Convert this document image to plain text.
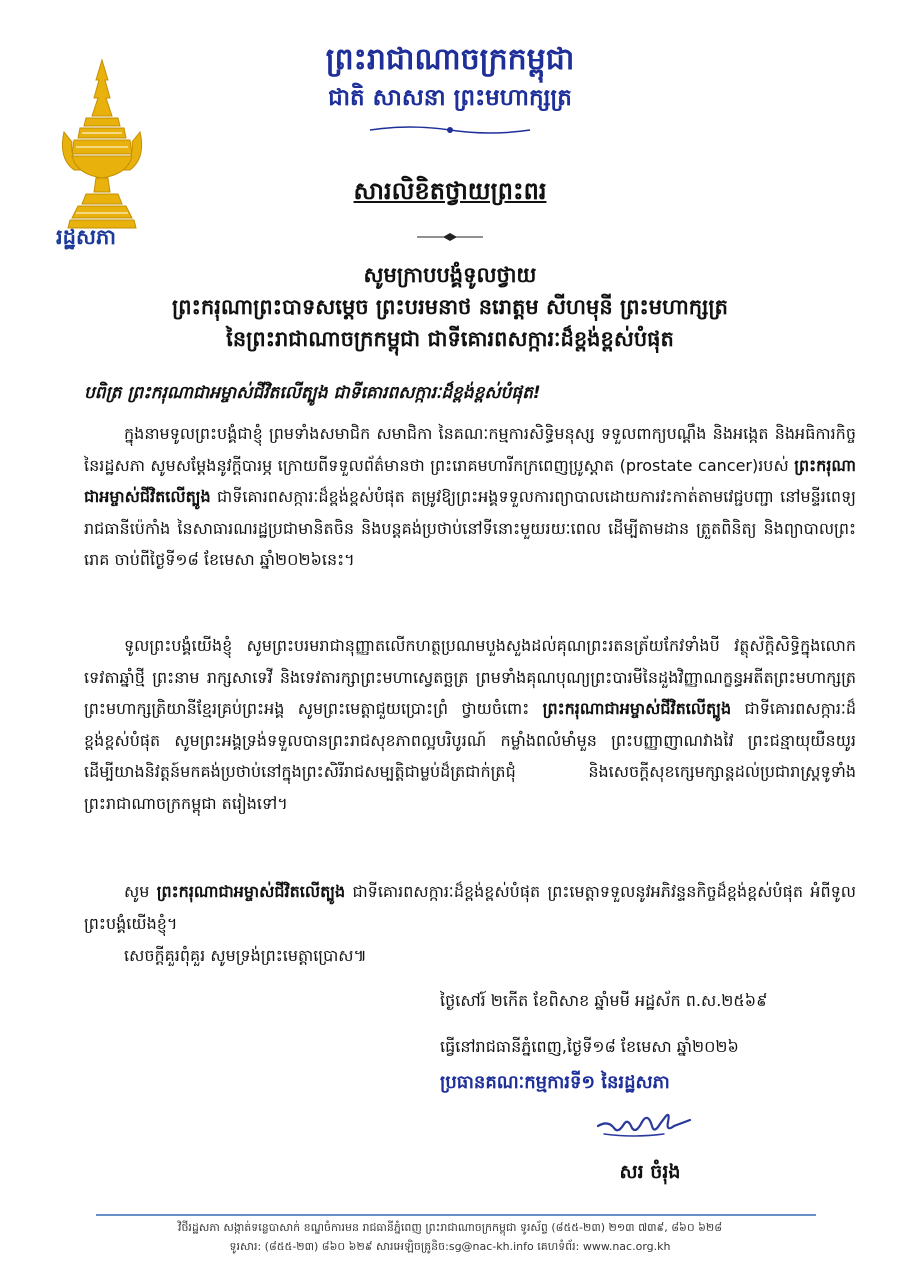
រដ្ឋសភា
ព្រះរាជាណាចក្រកម្ពុជា
ជាតិ សាសនា ព្រះមហាក្សត្រ
សារលិខិតថ្វាយព្រះពរ
សូមក្រាបបង្គំទូលថ្វាយ
ព្រះករុណាព្រះបាទសម្តេច ព្រះបរមនាថ នរោត្តម សីហមុនី ព្រះមហាក្សត្រ
នៃព្រះរាជាណាចក្រកម្ពុជា ជាទីគោរពសក្ការៈដ៏ខ្ពង់ខ្ពស់បំផុត
បពិត្រ ព្រះករុណាជាអម្ចាស់ជីវិតលើត្បូង ជាទីគោរពសក្ការៈដ៏ខ្ពង់ខ្ពស់បំផុត!
ក្នុងនាមទូលព្រះបង្គំជាខ្ញុំ ព្រមទាំងសមាជិក សមាជិកា នៃគណៈកម្មការសិទ្ធិមនុស្ស ទទួលពាក្យបណ្តឹង និងអង្កេត និងអធិការកិច្ច នៃរដ្ឋសភា សូមសម្តែងនូវក្តីបារម្ភ ក្រោយពីទទួលព័ត៌មានថា ព្រះរោគមហារីកក្រពេញប្រូស្តាត (prostate cancer)របស់ ព្រះករុណាជាអម្ចាស់ជីវិតលើត្បូង ជាទីគោរពសក្ការៈដ៏ខ្ពង់ខ្ពស់បំផុត តម្រូវឱ្យព្រះអង្គទទួលការព្យាបាលដោយការវះកាត់តាមវេជ្ជបញ្ជា នៅមន្ទីរពេទ្យរាជធានីប៉េកាំង នៃសាធារណរដ្ឋប្រជាមានិតចិន និងបន្តគង់ប្រថាប់នៅទីនោះមួយរយៈពេល ដើម្បីតាមដាន ត្រួតពិនិត្យ និងព្យាបាលព្រះរោគ ចាប់ពីថ្ងៃទី១៨ ខែមេសា ឆ្នាំ២០២៦នេះ។
ទូលព្រះបង្គំយើងខ្ញុំ សូមព្រះបរមរាជានុញ្ញាតលើកហត្ថប្រណមបួងសួងដល់គុណព្រះរតនត្រ័យកែវទាំងបី វត្ថុស័ក្តិសិទ្ធិក្នុងលោក ទេវតាឆ្នាំថ្មី ព្រះនាម រាក្សសាទេវី និងទេវតារក្សាព្រះមហាស្វេតច្ឆត្រ ព្រមទាំងគុណបុណ្យព្រះបារមីនៃដួងវិញ្ញាណក្ខន្ធអតីតព្រះមហាក្សត្រ ព្រះមហាក្សត្រិយានីខ្មែរគ្រប់ព្រះអង្គ សូមព្រះមេត្តាជួយប្រោះព្រំ ថ្វាយចំពោះ ព្រះករុណាជាអម្ចាស់ជីវិតលើត្បូង ជាទីគោរពសក្ការៈដ៏ខ្ពង់ខ្ពស់បំផុត សូមព្រះអង្គទ្រង់ទទួលបានព្រះរាជសុខភាពល្អបរិបូរណ៍ កម្លាំងពលំមាំមួន ព្រះបញ្ញាញាណវាងវៃ ព្រះជន្មាយុយឺនយូរ ដើម្បីយាងនិវត្តន៍មកគង់ប្រថាប់នៅក្នុងព្រះសិរីរាជសម្បត្តិជាម្លប់ដ៏ត្រជាក់ត្រជុំ និងសេចក្តីសុខក្សេមក្សាន្តដល់ប្រជារាស្ត្រទូទាំងព្រះរាជាណាចក្រកម្ពុជា តរៀងទៅ។
សូម ព្រះករុណាជាអម្ចាស់ជីវិតលើត្បូង ជាទីគោរពសក្ការៈដ៏ខ្ពង់ខ្ពស់បំផុត ព្រះមេត្តាទទួលនូវអភិវន្ទនកិច្ចដ៏ខ្ពង់ខ្ពស់បំផុត អំពីទូលព្រះបង្គំយើងខ្ញុំ។
សេចក្តីគួរពុំគួរ សូមទ្រង់ព្រះមេត្តាប្រោស៕
ថ្ងៃសៅរ៍ ២កើត ខែពិសាខ ឆ្នាំមមី អដ្ឋស័ក ព.ស.២៥៦៩
ធ្វើនៅរាជធានីភ្នំពេញ,ថ្ងៃទី១៨ ខែមេសា ឆ្នាំ២០២៦
ប្រធានគណៈកម្មការទី១ នៃរដ្ឋសភា
សរ ចំរុង
វិថីរដ្ឋសភា សង្កាត់ទន្លេបាសាក់ ខណ្ឌចំការមន រាជធានីភ្នំពេញ ព្រះរាជាណាចក្រកម្ពុជា ទូរស័ព្ទ (៨៥៥-២៣) ២១៣ ៧៣៩, ៨៦០ ៦២៨
ទូរសារ: (៨៥៥-២៣) ៨៦០ ៦២៩ សារអេឡិចត្រូនិច:sg@nac-kh.info គេហទំព័រ: www.nac.org.kh
